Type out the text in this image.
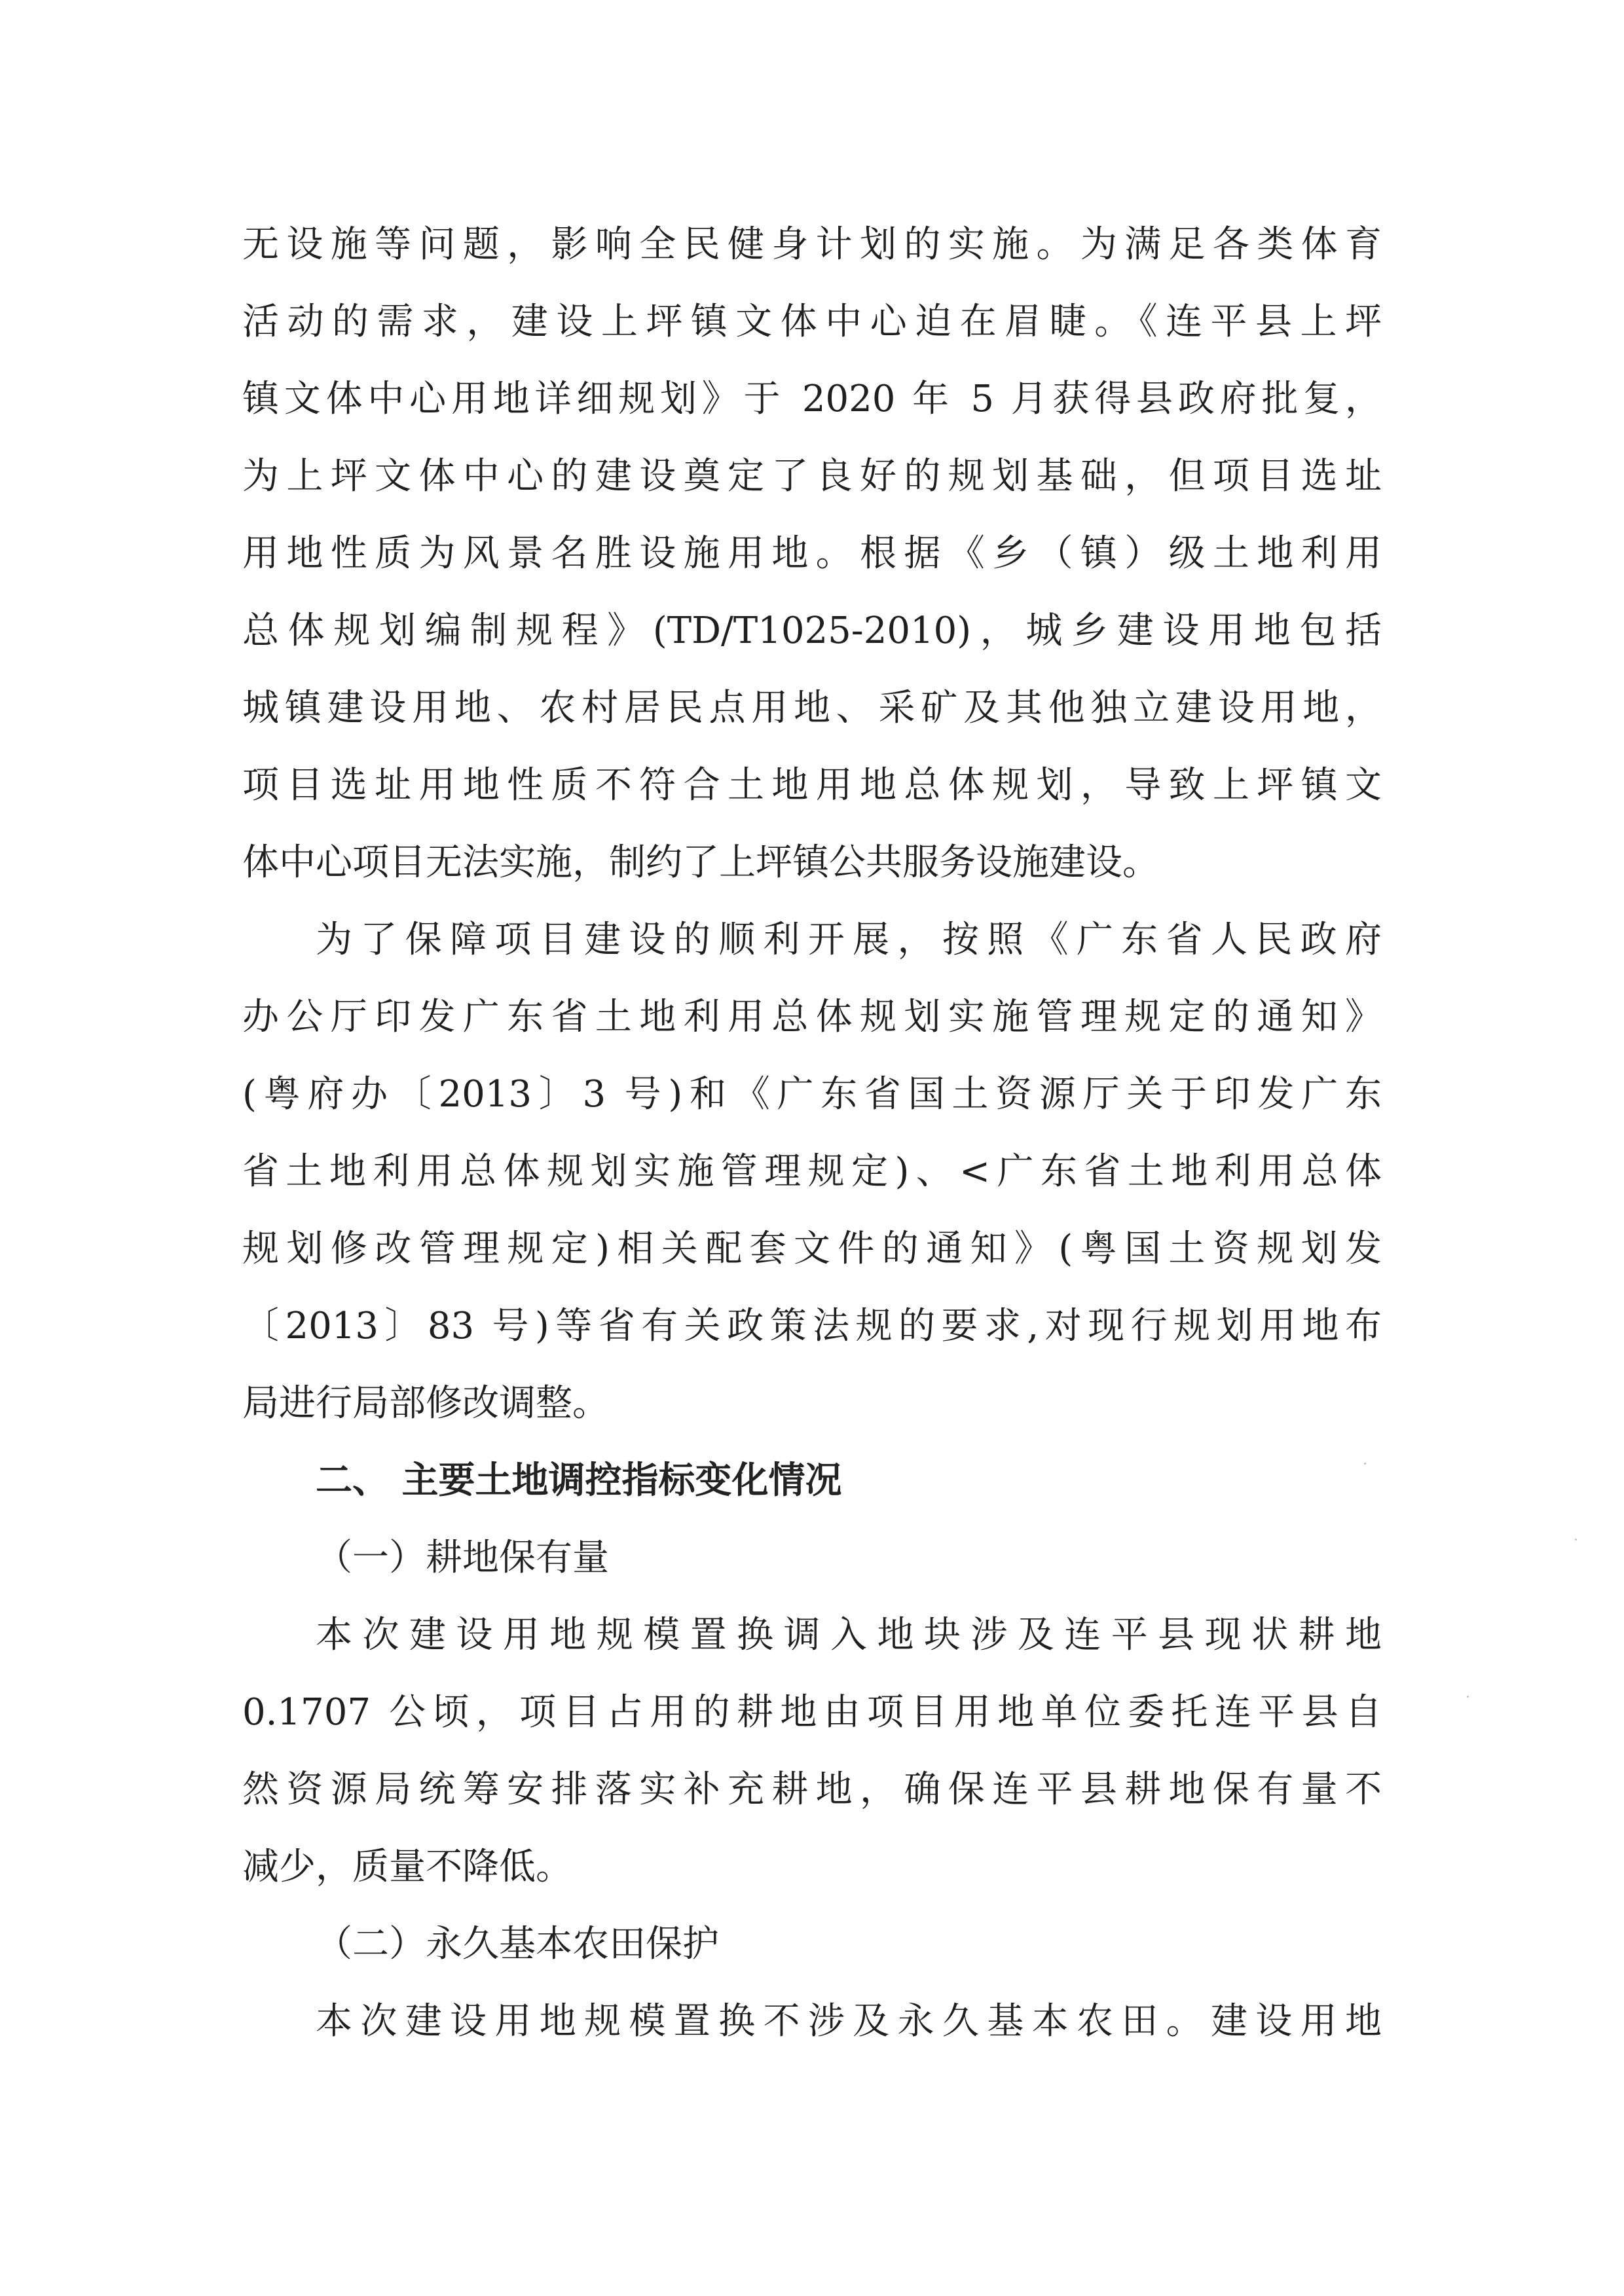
无设施等问题，影响全民健身计划的实施。为满足各类体育
活动的需求，建设上坪镇文体中心迫在眉睫。《连平县上坪
镇文体中心用地详细规划》于 2020 年 5 月获得县政府批复，
为上坪文体中心的建设奠定了良好的规划基础，但项目选址
用地性质为风景名胜设施用地。根据《乡（镇）级土地利用
总体规划编制规程》(TD/T1025-2010)，城乡建设用地包括
城镇建设用地、农村居民点用地、采矿及其他独立建设用地，
项目选址用地性质不符合土地用地总体规划，导致上坪镇文
体中心项目无法实施，制约了上坪镇公共服务设施建设。
为了保障项目建设的顺利开展，按照《广东省人民政府
办公厅印发广东省土地利用总体规划实施管理规定的通知》
(粤府办〔2013〕3 号)和《广东省国土资源厅关于印发广东
省土地利用总体规划实施管理规定)、<广东省土地利用总体
规划修改管理规定)相关配套文件的通知》(粤国土资规划发
〔2013〕83 号)等省有关政策法规的要求,对现行规划用地布
局进行局部修改调整。
二、 主要土地调控指标变化情况
（一）耕地保有量
本次建设用地规模置换调入地块涉及连平县现状耕地
0.1707 公顷，项目占用的耕地由项目用地单位委托连平县自
然资源局统筹安排落实补充耕地，确保连平县耕地保有量不
减少，质量不降低。
（二）永久基本农田保护
本次建设用地规模置换不涉及永久基本农田。建设用地
